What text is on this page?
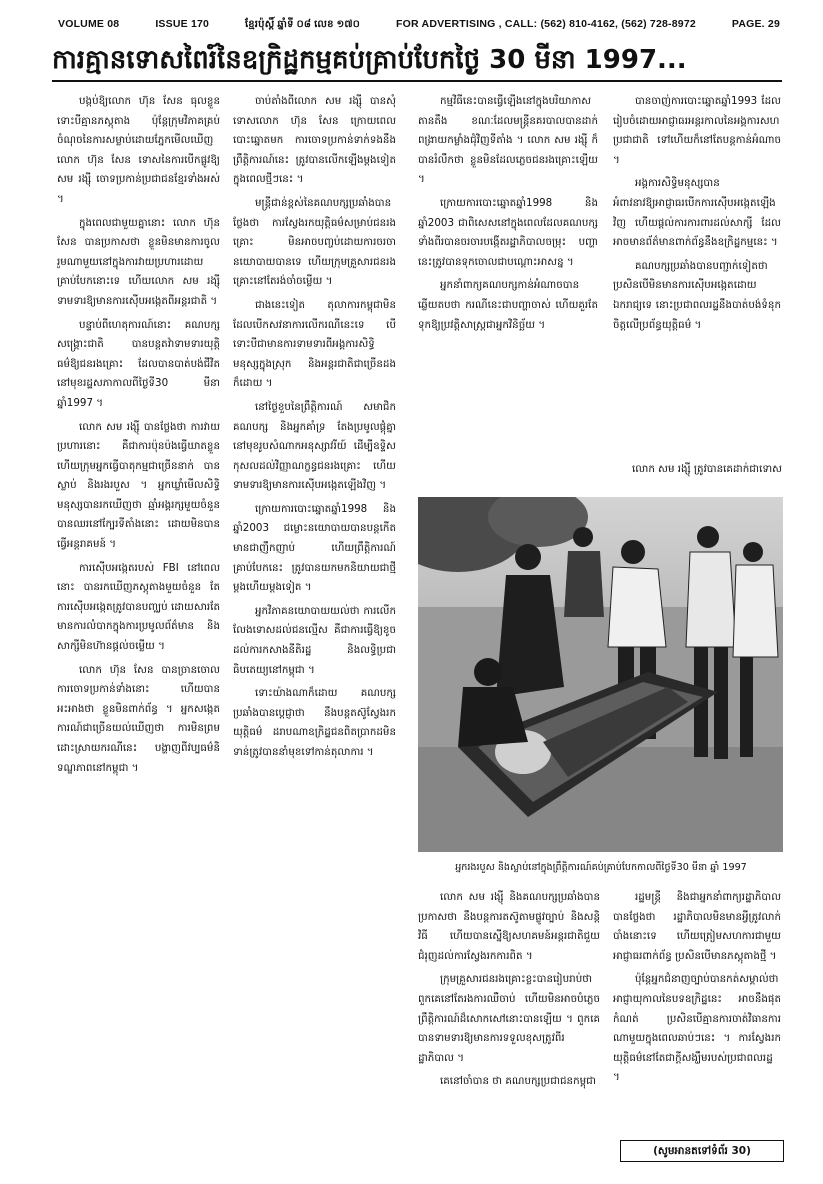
VOLUME 08	ISSUE 170	ខ្មែរប៉ុស្តិ៍ ឆ្នាំទី ០៨ លេខ ១៧០	FOR ADVERTISING , CALL: (562) 810-4162, (562) 728-8972	PAGE. 29
ការគ្មានទោសពៃរ៍នៃឧក្រិដ្ឋកម្មគប់គ្រាប់បែកថ្ងៃ 30 មីនា 1997...

បង្កប់ឱ្យលោក ហ៊ុន សែន ធុលខ្លួនទោះបីគ្មានភស្តុតាង ប៉ុន្តែក្រុមវិភាគគ្រប់ចំណុចនៃការសម្លាប់ដោយភ្នែកមើលឃើញ លោក ហ៊ុន សែន ទោសនៃការបើកផ្លូវឱ្យ សម រង្ស៊ី ចោទប្រកាន់ប្រជាជនខ្មែរទាំងអស់ ។

ក្នុងពេលជាមួយគ្នានោះ លោក ហ៊ុន សែន បានប្រកាសថា ខ្លួនមិនមានការចូលរួមណាមួយនៅក្នុងការវាយប្រហារដោយគ្រាប់បែកនោះទេ ហើយលោក សម រង្ស៊ី ទាមទារឱ្យមានការស៊ើបអង្កេតពីអន្តរជាតិ ។

បន្ទាប់ពីហេតុការណ៍នោះ គណបក្សសង្គ្រោះជាតិ បានបន្តតវ៉ាទាមទារយុត្តិធម៌ឱ្យជនរងគ្រោះ ដែលបានបាត់បង់ជីវិតនៅមុខរដ្ឋសភាកាលពីថ្ងៃទី30 មីនា ឆ្នាំ1997 ។

លោក សម រង្ស៊ី បានថ្លែងថា ការវាយប្រហារនោះ គឺជាការប៉ុនប៉ងធ្វើឃាតខ្លួន ហើយក្រុមអ្នកធ្វើបាតុកម្មជាច្រើននាក់ បានស្លាប់ និងរងរបួស ។ អ្នកឃ្លាំមើលសិទ្ធិមនុស្សបានរកឃើញថា ឆ្មាំអង្គរក្សមួយចំនួនបានឈរនៅក្បែរទីតាំងនោះ ដោយមិនបានធ្វើអន្តរាគមន៍ ។

ការស៊ើបអង្កេតរបស់ FBI នៅពេលនោះ បានរកឃើញភស្តុតាងមួយចំនួន តែការស៊ើបអង្កេតត្រូវបានបញ្ឈប់ ដោយសារតែមានការលំបាកក្នុងការប្រមូលព័ត៌មាន និងសាក្សីមិនហ៊ានផ្តល់ចម្លើយ ។

លោក ហ៊ុន សែន បានច្រានចោលការចោទប្រកាន់ទាំងនោះ ហើយបានអះអាងថា ខ្លួនមិនពាក់ព័ន្ធ ។ អ្នកសង្កេតការណ៍ជាច្រើនយល់ឃើញថា ការមិនព្រមដោះស្រាយករណីនេះ បង្ហាញពីវប្បធម៌និទណ្ឌភាពនៅកម្ពុជា ។

ចាប់តាំងពីលោក សម រង្ស៊ី បានសុំទោសលោក ហ៊ុន សែន ក្រោយពេលបោះឆ្នោតមក ការចោទប្រកាន់ទាក់ទងនឹងព្រឹត្តិការណ៍នេះ ត្រូវបានលើកឡើងម្តងទៀតក្នុងពេលថ្មីៗនេះ ។

មន្ត្រីជាន់ខ្ពស់នៃគណបក្សប្រឆាំងបានថ្លែងថា ការស្វែងរកយុត្តិធម៌សម្រាប់ជនរងគ្រោះ មិនអាចបញ្ចប់ដោយការចរចានយោបាយបានទេ ហើយក្រុមគ្រួសារជនរងគ្រោះនៅតែរង់ចាំចម្លើយ ។

ជាងនេះទៀត តុលាការកម្ពុជាមិនដែលបើកសវនាការលើករណីនេះទេ បើទោះបីជាមានការទាមទារពីអង្គការសិទ្ធិមនុស្សក្នុងស្រុក និងអន្តរជាតិជាច្រើនដងក៏ដោយ ។

នៅថ្ងៃខួបនៃព្រឹត្តិការណ៍ សមាជិកគណបក្ស និងអ្នកគាំទ្រ តែងប្រមូលផ្តុំគ្នានៅមុខរូបសំណាកអនុស្សាវរីយ៍ ដើម្បីឧទ្ទិសកុសលដល់វិញ្ញាណក្ខន្ធជនរងគ្រោះ ហើយទាមទារឱ្យមានការស៊ើបអង្កេតឡើងវិញ ។

ក្រោយការបោះឆ្នោតឆ្នាំ1998 និងឆ្នាំ2003 ជម្លោះនយោបាយបានបន្តកើតមានជាញឹកញាប់ ហើយព្រឹត្តិការណ៍គ្រាប់បែកនេះ ត្រូវបានយកមកនិយាយជាថ្មីម្តងហើយម្តងទៀត ។

អ្នកវិភាគនយោបាយយល់ថា ការលើកលែងទោសដល់ជនល្មើស គឺជាការធ្វើឱ្យខូចដល់ការកសាងនីតិរដ្ឋ និងលទ្ធិប្រជាធិបតេយ្យនៅកម្ពុជា ។

ទោះយ៉ាងណាក៏ដោយ គណបក្សប្រឆាំងបានប្តេជ្ញាថា នឹងបន្តតស៊ូស្វែងរកយុត្តិធម៌ ដរាបណាឧក្រិដ្ឋជនពិតប្រាកដមិនទាន់ត្រូវបាននាំមុខទៅកាន់តុលាការ ។

កម្មវិធីនេះបានធ្វើឡើងនៅក្នុងបរិយាកាសតានតឹង ខណៈដែលមន្ត្រីនគរបាលបានដាក់ពង្រាយកម្លាំងជុំវិញទីតាំង ។ លោក សម រង្ស៊ី ក៏បានរំលឹកថា ខ្លួនមិនដែលភ្លេចជនរងគ្រោះឡើយ ។

ក្រោយការបោះឆ្នោតឆ្នាំ1998 និងឆ្នាំ2003 ជាពិសេសនៅក្នុងពេលដែលគណបក្សទាំងពីរបានចរចារបង្កើតរដ្ឋាភិបាលចម្រុះ បញ្ហានេះត្រូវបានទុកចោលជាបណ្តោះអាសន្ន ។

អ្នកនាំពាក្យគណបក្សកាន់អំណាចបានឆ្លើយតបថា ករណីនេះជាបញ្ហាចាស់ ហើយគួរតែទុកឱ្យប្រវត្តិសាស្ត្រជាអ្នកវិនិច្ឆ័យ ។

បានចាញ់ការបោះឆ្នោតឆ្នាំ1993 ដែលរៀបចំដោយអាជ្ញាធរអន្តរកាលនៃអង្គការសហប្រជាជាតិ ទៅហើយក៏នៅតែបន្តកាន់អំណាច ។

អង្គការសិទ្ធិមនុស្សបានអំពាវនាវឱ្យអាជ្ញាធរបើកការស៊ើបអង្កេតឡើងវិញ ហើយផ្តល់ការការពារដល់សាក្សី ដែលអាចមានព័ត៌មានពាក់ព័ន្ធនឹងឧក្រិដ្ឋកម្មនេះ ។

គណបក្សប្រឆាំងបានបញ្ជាក់ទៀតថា ប្រសិនបើមិនមានការស៊ើបអង្កេតដោយឯករាជ្យទេ នោះប្រជាពលរដ្ឋនឹងបាត់បង់ទំនុកចិត្តលើប្រព័ន្ធយុត្តិធម៌ ។

លោក សម រង្ស៊ី ត្រូវបានគេដាក់ជាទោស
អ្នករងរបួស និងស្លាប់នៅក្នុងព្រឹត្តិការណ៍គប់គ្រាប់បែកកាលពីថ្ងៃទី30 មីនា ឆ្នាំ 1997

លោក សម រង្ស៊ី និងគណបក្សប្រឆាំងបានប្រកាសថា នឹងបន្តការតស៊ូតាមផ្លូវច្បាប់ និងសន្តិវិធី ហើយបានស្នើឱ្យសហគមន៍អន្តរជាតិជួយជំរុញដល់ការស្វែងរកការពិត ។

ក្រុមគ្រួសារជនរងគ្រោះខ្លះបានរៀបរាប់ថា ពួកគេនៅតែរងការឈឺចាប់ ហើយមិនអាចបំភ្លេចព្រឹត្តិការណ៍ដ៏សោកសៅនោះបានឡើយ ។ ពួកគេបានទាមទារឱ្យមានការទទួលខុសត្រូវពីរដ្ឋាភិបាល ។

គេនៅចាំបាន ថា គណបក្សប្រជាជនកម្ពុជា

រដ្ឋមន្ត្រី និងជាអ្នកនាំពាក្យរដ្ឋាភិបាលបានថ្លែងថា រដ្ឋាភិបាលមិនមានអ្វីត្រូវលាក់បាំងនោះទេ ហើយត្រៀមសហការជាមួយអាជ្ញាធរពាក់ព័ន្ធ ប្រសិនបើមានភស្តុតាងថ្មី ។

ប៉ុន្តែអ្នកជំនាញច្បាប់បានកត់សម្គាល់ថា អាជ្ញាយុកាលនៃបទឧក្រិដ្ឋនេះ អាចនឹងផុតកំណត់ ប្រសិនបើគ្មានការចាត់វិធានការណាមួយក្នុងពេលឆាប់ៗនេះ ។ ការស្វែងរកយុត្តិធម៌នៅតែជាក្តីសង្ឃឹមរបស់ប្រជាពលរដ្ឋ ។

(សូមអានតទៅទំព័រ 30)
